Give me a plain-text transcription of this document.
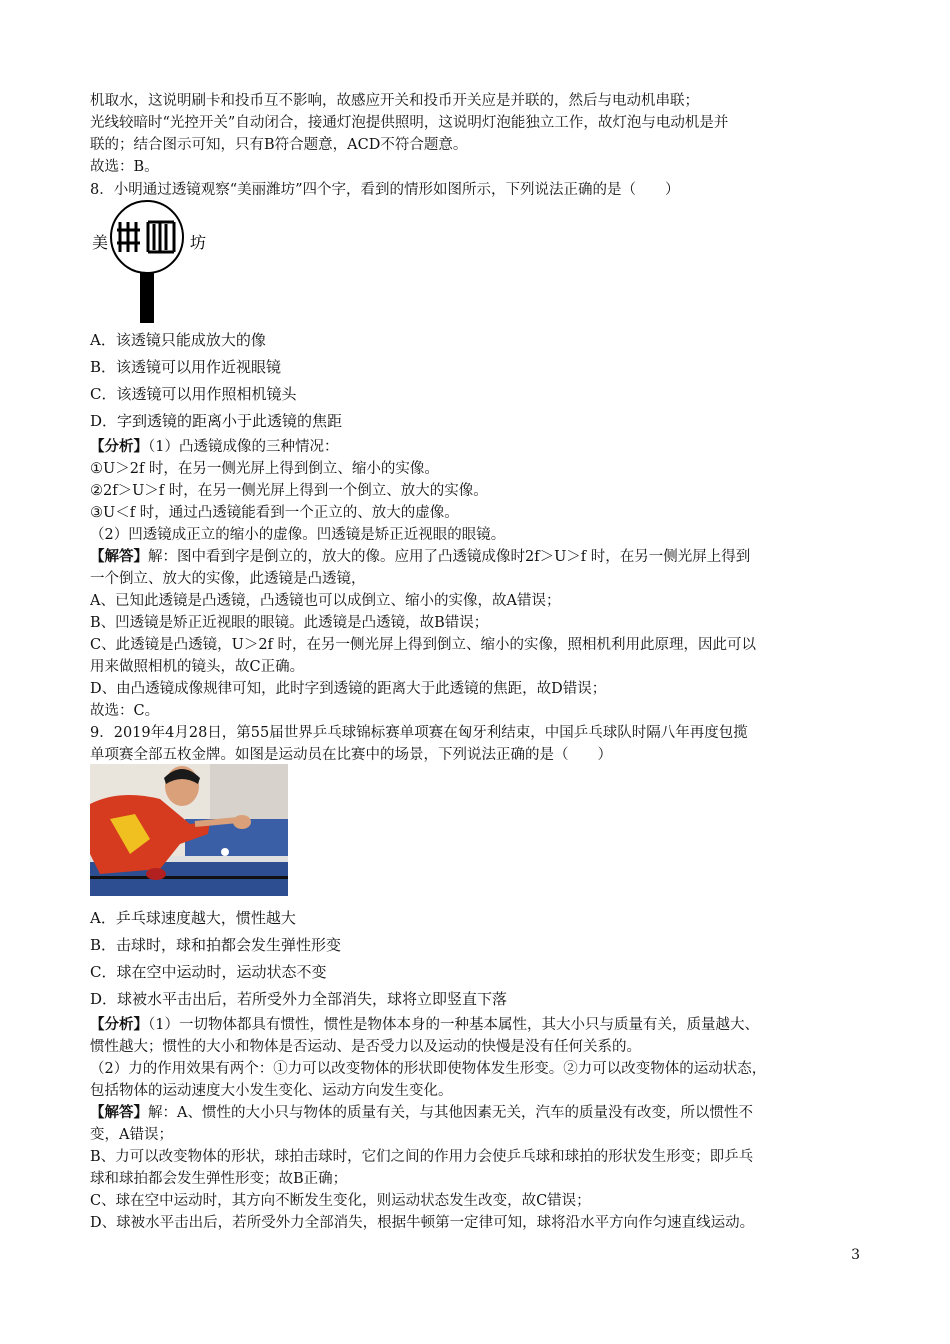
机取水，这说明刷卡和投币互不影响，故感应开关和投币开关应是并联的，然后与电动机串联；
光线较暗时“光控开关”自动闭合，接通灯泡提供照明，这说明灯泡能独立工作，故灯泡与电动机是并
联的；结合图示可知，只有B符合题意，ACD不符合题意。
故选：B。
8．小明通过透镜观察“美丽潍坊”四个字，看到的情形如图所示，下列说法正确的是（　　）
美	坊
A．该透镜只能成放大的像
B．该透镜可以用作近视眼镜
C．该透镜可以用作照相机镜头
D．字到透镜的距离小于此透镜的焦距
【分析】（1）凸透镜成像的三种情况：
①U＞2f 时，在另一侧光屏上得到倒立、缩小的实像。
②2f＞U＞f 时，在另一侧光屏上得到一个倒立、放大的实像。
③U＜f 时，通过凸透镜能看到一个正立的、放大的虚像。
（2）凹透镜成正立的缩小的虚像。凹透镜是矫正近视眼的眼镜。
【解答】解：图中看到字是倒立的，放大的像。应用了凸透镜成像时2f＞U＞f 时，在另一侧光屏上得到
一个倒立、放大的实像，此透镜是凸透镜，
A、已知此透镜是凸透镜，凸透镜也可以成倒立、缩小的实像，故A错误；
B、凹透镜是矫正近视眼的眼镜。此透镜是凸透镜，故B错误；
C、此透镜是凸透镜，U＞2f 时，在另一侧光屏上得到倒立、缩小的实像，照相机利用此原理，因此可以
用来做照相机的镜头，故C正确。
D、由凸透镜成像规律可知，此时字到透镜的距离大于此透镜的焦距，故D错误；
故选：C。
9．2019年4月28日，第55届世界乒乓球锦标赛单项赛在匈牙利结束，中国乒乓球队时隔八年再度包揽
单项赛全部五枚金牌。如图是运动员在比赛中的场景，下列说法正确的是（　　）
A．乒乓球速度越大，惯性越大
B．击球时，球和拍都会发生弹性形变
C．球在空中运动时，运动状态不变
D．球被水平击出后，若所受外力全部消失，球将立即竖直下落
【分析】（1）一切物体都具有惯性，惯性是物体本身的一种基本属性，其大小只与质量有关，质量越大、
惯性越大；惯性的大小和物体是否运动、是否受力以及运动的快慢是没有任何关系的。
（2）力的作用效果有两个：①力可以改变物体的形状即使物体发生形变。②力可以改变物体的运动状态，
包括物体的运动速度大小发生变化、运动方向发生变化。
【解答】解：A、惯性的大小只与物体的质量有关，与其他因素无关，汽车的质量没有改变，所以惯性不
变，A错误；
B、力可以改变物体的形状，球拍击球时，它们之间的作用力会使乒乓球和球拍的形状发生形变；即乒乓
球和球拍都会发生弹性形变；故B正确；
C、球在空中运动时，其方向不断发生变化，则运动状态发生改变，故C错误；
D、球被水平击出后，若所受外力全部消失，根据牛顿第一定律可知，球将沿水平方向作匀速直线运动。
3
